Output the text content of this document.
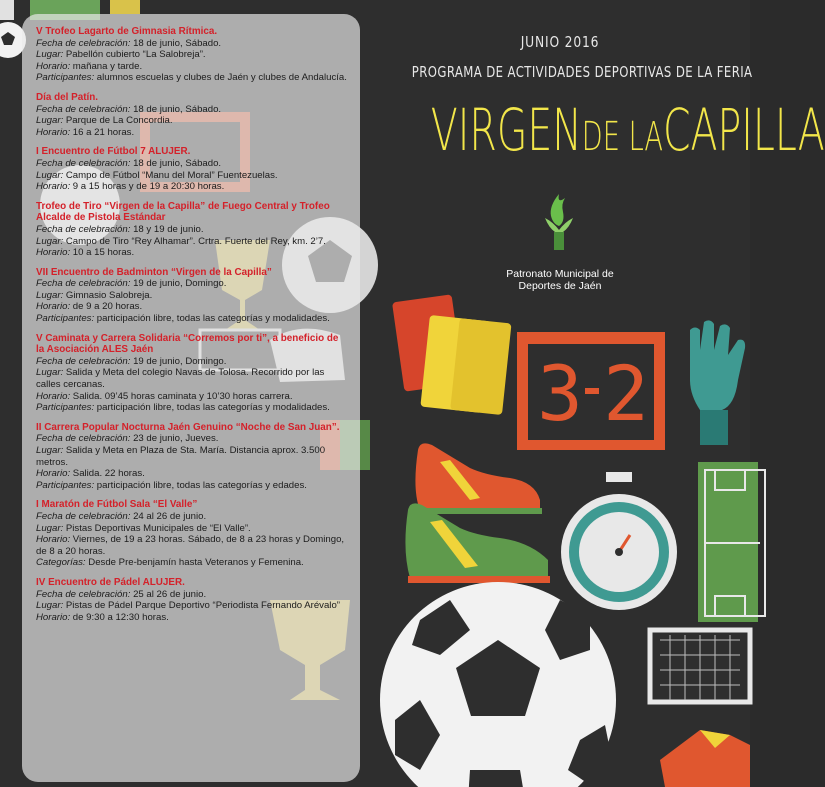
3 2
V Trofeo Lagarto de Gimnasia Rítmica.
Fecha de celebración: 18 de junio, Sábado.
Lugar: Pabellón cubierto “La Salobreja”.
Horario: mañana y tarde.
Participantes: alumnos escuelas y clubes de Jaén y clubes de Andalucía.
Día del Patín.
Fecha de celebración: 18 de junio, Sábado.
Lugar: Parque de La Concordia.
Horario: 16 a 21 horas.
I Encuentro de Fútbol 7 ALUJER.
Fecha de celebración: 18 de junio, Sábado.
Lugar: Campo de Fútbol “Manu del Moral” Fuentezuelas.
Horario: 9 a 15 horas y de 19 a 20:30 horas.
Trofeo de Tiro “Virgen de la Capilla” de Fuego Central y Trofeo Alcalde de Pistola Estándar
Fecha de celebración: 18 y 19 de junio.
Lugar: Campo de Tiro “Rey Alhamar”. Crtra. Fuerte del Rey, km. 2’7.
Horario: 10 a 15 horas.
VII Encuentro de Badminton “Virgen de la Capilla”
Fecha de celebración: 19 de junio, Domingo.
Lugar: Gimnasio Salobreja.
Horario: de 9 a 20 horas.
Participantes: participación libre, todas las categorías y modalidades.
V Caminata y Carrera Solidaria “Corremos por ti”, a beneficio de la Asociación ALES Jaén
Fecha de celebración: 19 de junio, Domingo.
Lugar: Salida y Meta del colegio Navas de Tolosa. Recorrido por las calles cercanas.
Horario: Salida. 09’45 horas caminata y 10’30 horas carrera.
Participantes: participación libre, todas las categorías y modalidades.
II Carrera Popular Nocturna Jaén Genuino “Noche de San Juan”.
Fecha de celebración: 23 de junio, Jueves.
Lugar: Salida y Meta en Plaza de Sta. María. Distancia aprox. 3.500 metros.
Horario: Salida. 22 horas.
Participantes: participación libre, todas las categorías y edades.
I Maratón de Fútbol Sala “El Valle”
Fecha de celebración: 24 al 26 de junio.
Lugar: Pistas Deportivas Municipales de “El Valle”.
Horario: Viernes, de 19 a 23 horas. Sábado, de 8 a 23 horas y Domingo, de 8 a 20 horas.
Categorías: Desde Pre-benjamín hasta Veteranos y Femenina.
IV Encuentro de Pádel ALUJER.
Fecha de celebración: 25 al 26 de junio.
Lugar: Pistas de Pádel Parque Deportivo “Periodista Fernando Arévalo”
Horario: de 9:30 a 12:30 horas.
JUNIO 2016
PROGRAMA DE ACTIVIDADES DEPORTIVAS DE LA FERIA
VIRGENDE LACAPILLA
Patronato Municipal de
Deportes de Jaén
